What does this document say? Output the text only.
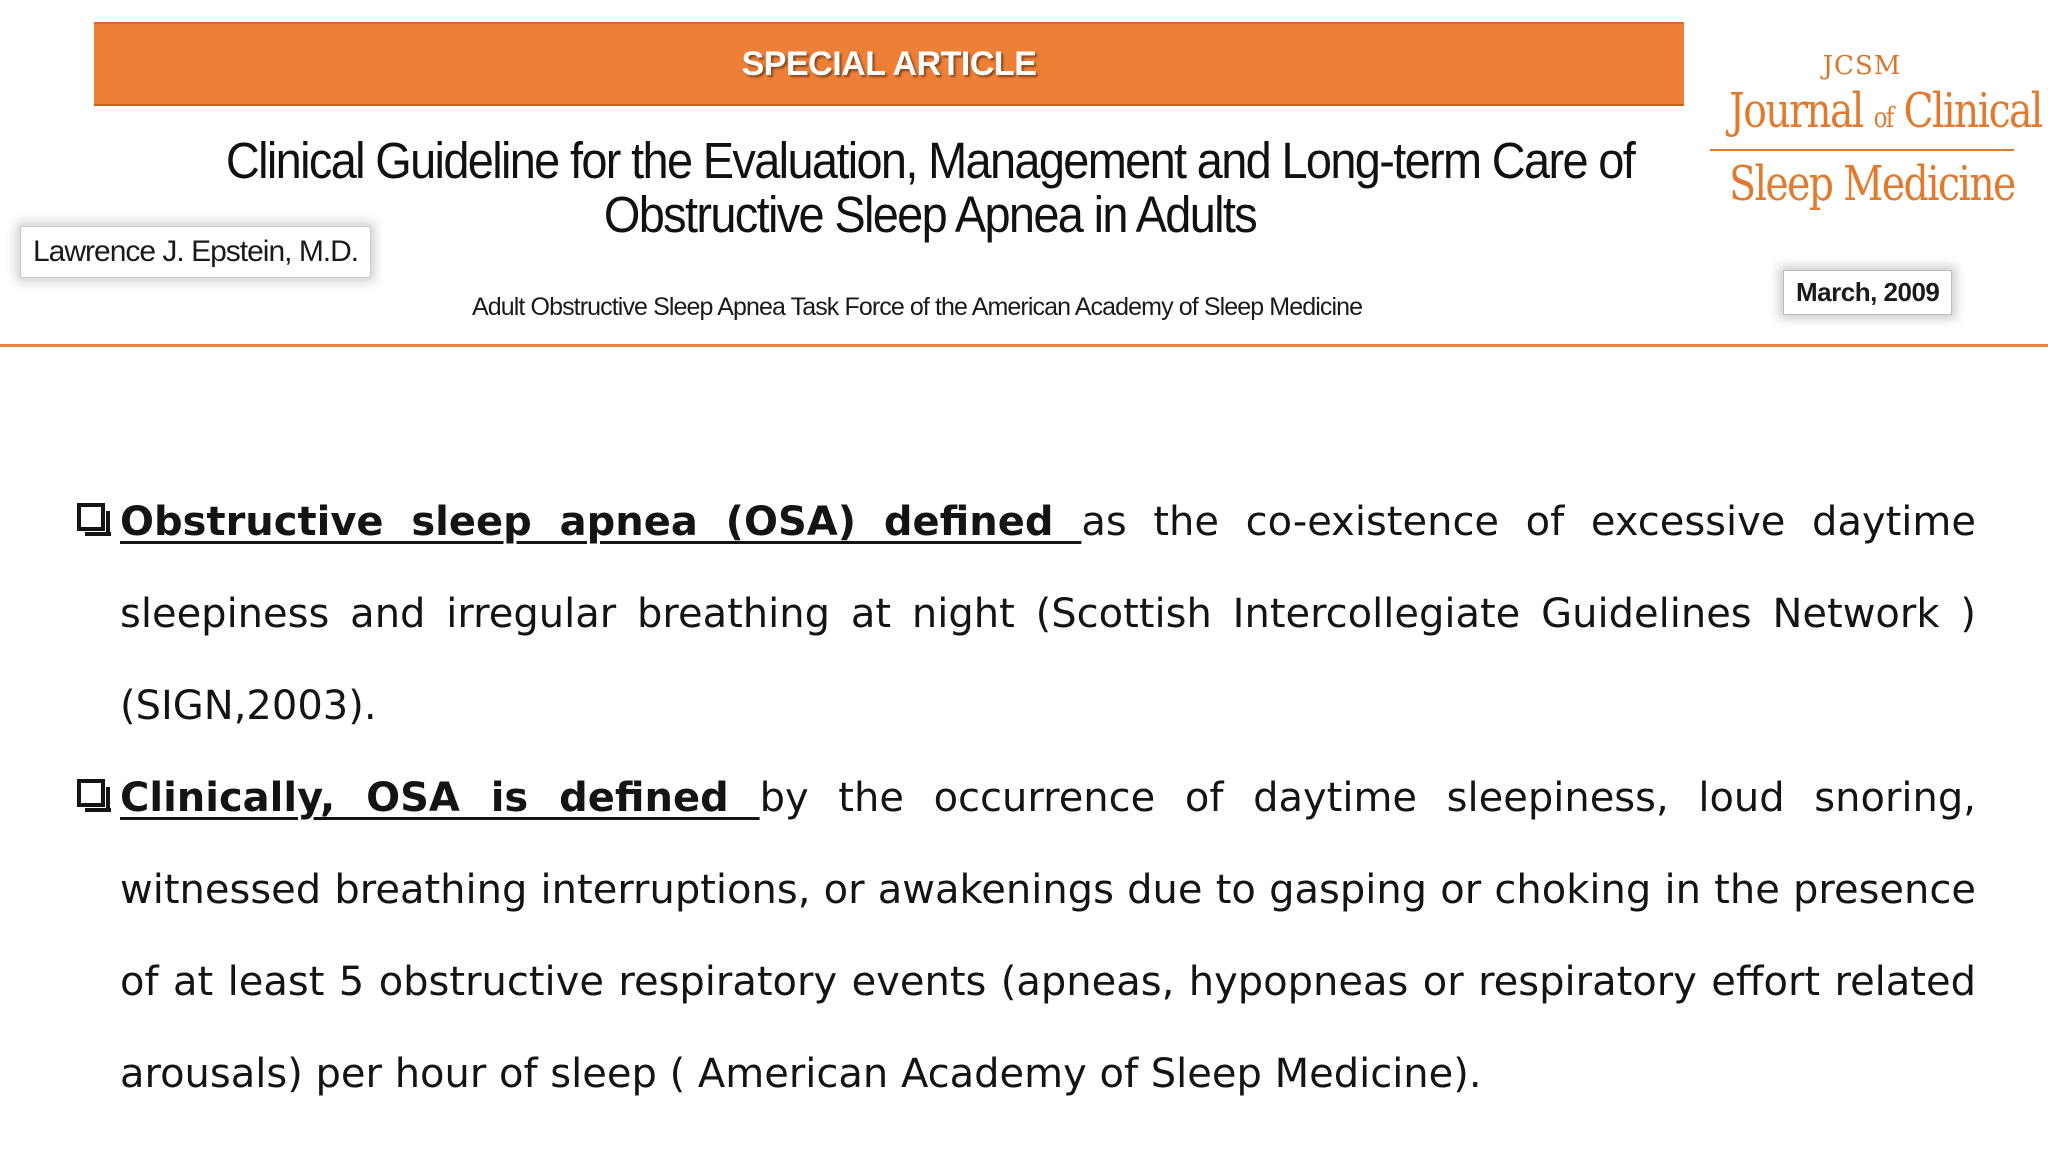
SPECIAL ARTICLE
Clinical Guideline for the Evaluation, Management and Long-term Care of
Obstructive Sleep Apnea in Adults
Lawrence J. Epstein, M.D.
Adult Obstructive Sleep Apnea Task Force of the American Academy of Sleep Medicine
JCSM
Journal of Clinical
Sleep Medicine
March, 2009
Obstructive sleep apnea (OSA) defined as the co-existence of excessive daytime sleepiness and irregular breathing at night (Scottish Intercollegiate Guidelines Network ) (SIGN,2003).
Clinically, OSA is defined by the occurrence of daytime sleepiness, loud snoring, witnessed breathing interruptions, or awakenings due to gasping or choking in the presence of at least 5 obstructive respiratory events (apneas, hypopneas or respiratory effort related arousals) per hour of sleep ( American Academy of Sleep Medicine).
